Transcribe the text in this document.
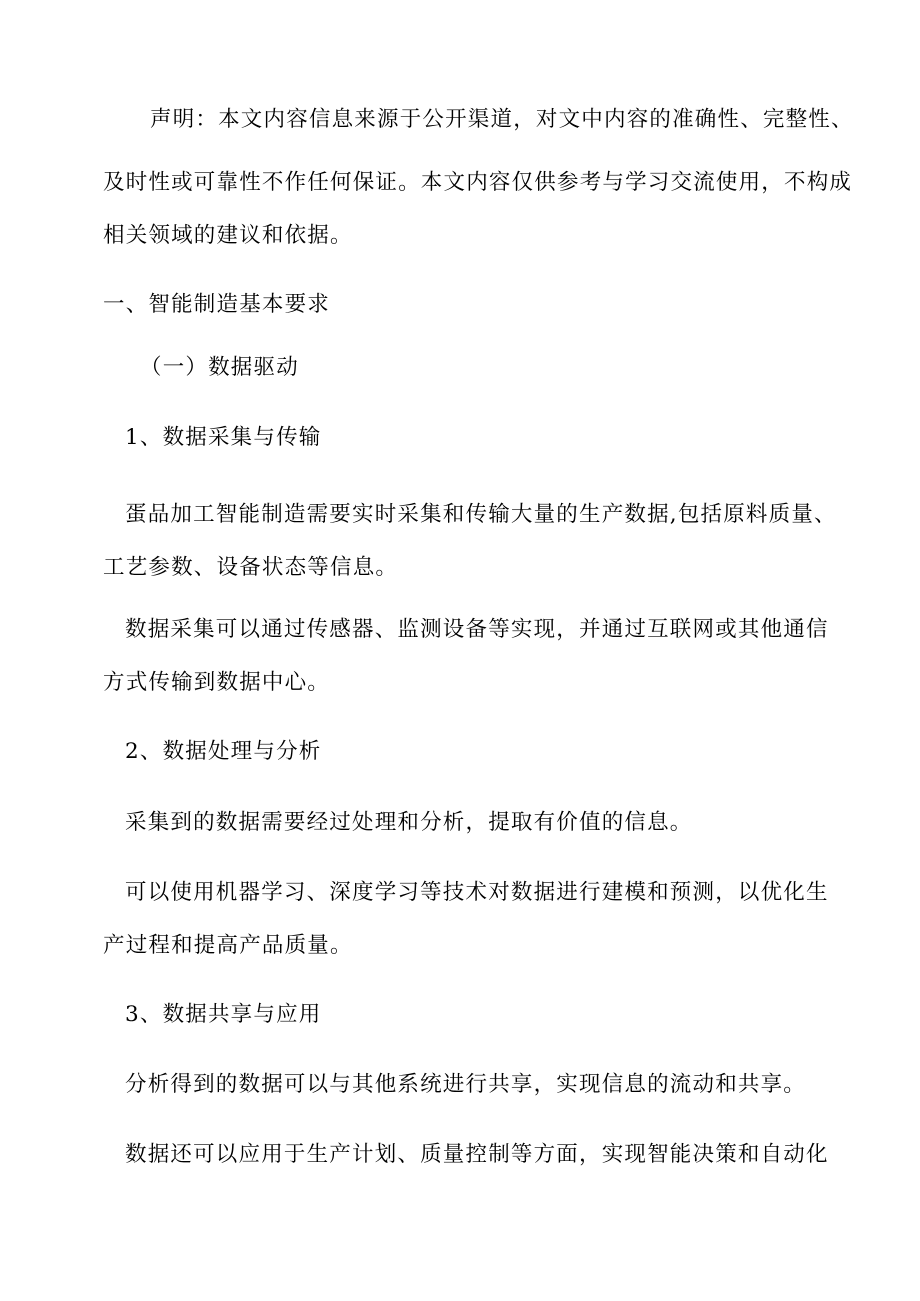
声明：本文内容信息来源于公开渠道，对文中内容的准确性、完整性、
及时性或可靠性不作任何保证。本文内容仅供参考与学习交流使用，不构成
相关领域的建议和依据。
一、智能制造基本要求
（一）数据驱动
1、数据采集与传输
蛋品加工智能制造需要实时采集和传输大量的生产数据,包括原料质量、
工艺参数、设备状态等信息。
数据采集可以通过传感器、监测设备等实现，并通过互联网或其他通信
方式传输到数据中心。
2、数据处理与分析
采集到的数据需要经过处理和分析，提取有价值的信息。
可以使用机器学习、深度学习等技术对数据进行建模和预测，以优化生
产过程和提高产品质量。
3、数据共享与应用
分析得到的数据可以与其他系统进行共享，实现信息的流动和共享。
数据还可以应用于生产计划、质量控制等方面，实现智能决策和自动化
